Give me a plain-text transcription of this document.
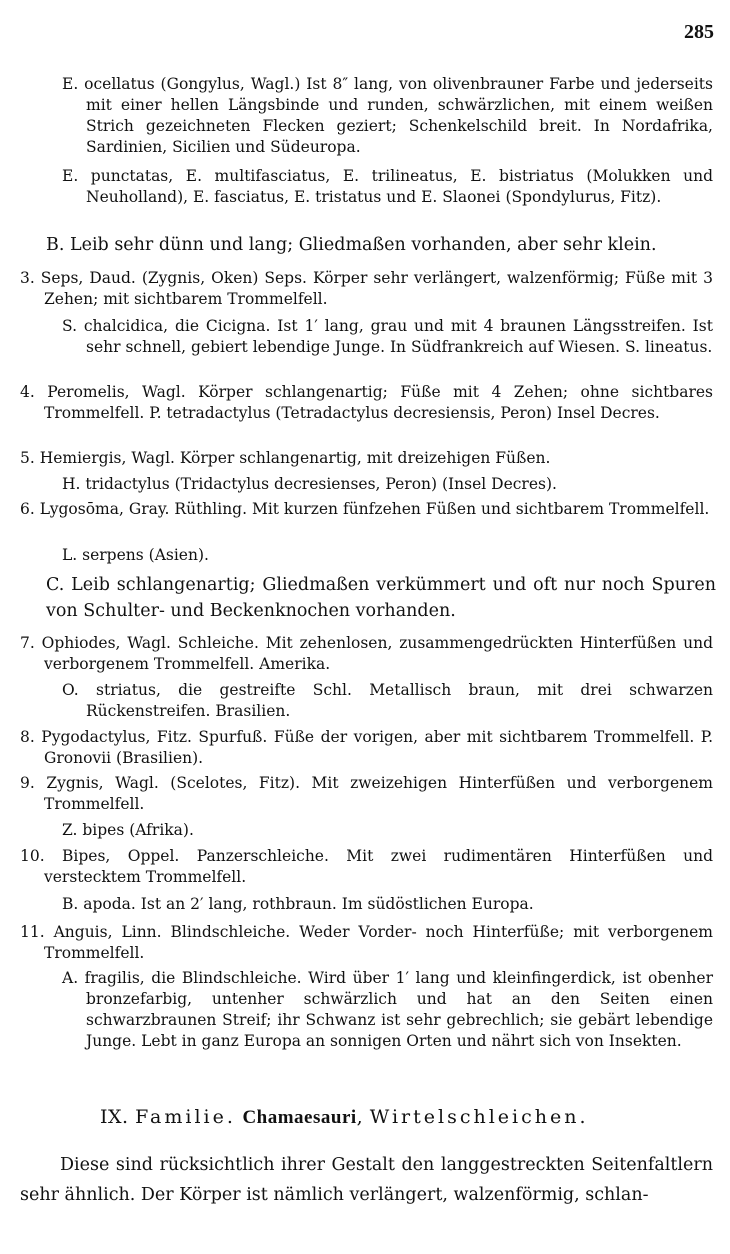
285

E. ocellatus (Gongylus, Wagl.) Ist 8″ lang, von olivenbrauner Farbe und jederseits mit einer hellen Längsbinde und runden, schwärzlichen, mit einem weißen Strich gezeichneten Flecken geziert; Schenkelschild breit. In Nordafrika, Sardinien, Sicilien und Südeuropa.

E. punctatas, E. multifasciatus, E. trilineatus, E. bistriatus (Molukken und Neuholland), E. fasciatus, E. tristatus und E. Slaonei (Spondylurus, Fitz).

B. Leib sehr dünn und lang; Gliedmaßen vorhanden, aber sehr klein.

3. Seps, Daud. (Zygnis, Oken) Seps. Körper sehr verlängert, walzenförmig; Füße mit 3 Zehen; mit sichtbarem Trommelfell.

S. chalcidica, die Cicigna. Ist 1′ lang, grau und mit 4 braunen Längsstreifen. Ist sehr schnell, gebiert lebendige Junge. In Südfrankreich auf Wiesen. S. lineatus.

4. Peromelis, Wagl. Körper schlangenartig; Füße mit 4 Zehen; ohne sichtbares Trommelfell. P. tetradactylus (Tetradactylus decresiensis, Peron) Insel Decres.

5. Hemiergis, Wagl. Körper schlangenartig, mit dreizehigen Füßen.

H. tridactylus (Tridactylus decresienses, Peron) (Insel Decres).

6. Lygosōma, Gray. Rüthling. Mit kurzen fünfzehen Füßen und sichtbarem Trommelfell.

L. serpens (Asien).

C. Leib schlangenartig; Gliedmaßen verkümmert und oft nur noch Spuren von Schulter- und Beckenknochen vorhanden.

7. Ophiodes, Wagl. Schleiche. Mit zehenlosen, zusammengedrückten Hinterfüßen und verborgenem Trommelfell. Amerika.

O. striatus, die gestreifte Schl. Metallisch braun, mit drei schwarzen Rückenstreifen. Brasilien.

8. Pygodactylus, Fitz. Spurfuß. Füße der vorigen, aber mit sichtbarem Trommelfell. P. Gronovii (Brasilien).

9. Zygnis, Wagl. (Scelotes, Fitz). Mit zweizehigen Hinterfüßen und verborgenem Trommelfell.

Z. bipes (Afrika).

10. Bipes, Oppel. Panzerschleiche. Mit zwei rudimentären Hinterfüßen und verstecktem Trommelfell.

B. apoda. Ist an 2′ lang, rothbraun. Im südöstlichen Europa.

11. Anguis, Linn. Blindschleiche. Weder Vorder- noch Hinterfüße; mit verborgenem Trommelfell.

A. fragilis, die Blindschleiche. Wird über 1′ lang und kleinfingerdick, ist obenher bronzefarbig, untenher schwärzlich und hat an den Seiten einen schwarzbraunen Streif; ihr Schwanz ist sehr gebrechlich; sie gebärt lebendige Junge. Lebt in ganz Europa an sonnigen Orten und nährt sich von Insekten.

IX. Familie. Chamaesauri, Wirtelschleichen.

Diese sind rücksichtlich ihrer Gestalt den langgestreckten Seitenfaltlern sehr ähnlich. Der Körper ist nämlich verlängert, walzenförmig, schlan-
